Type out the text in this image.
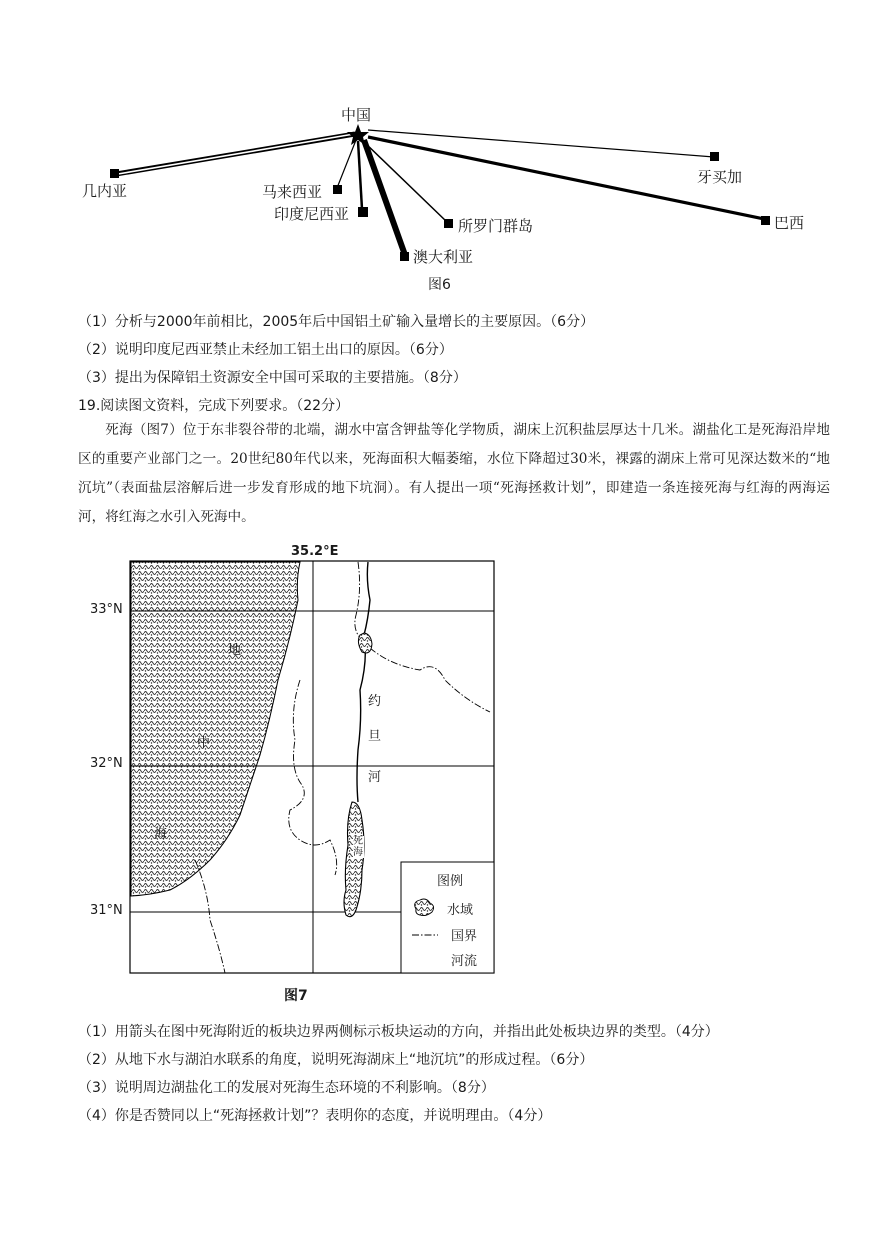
中国
几内亚	马来西亚
印度尼西亚
所罗门群岛
澳大利亚
牙买加
巴西
图6
（1）分析与2000年前相比，2005年后中国铝土矿输入量增长的主要原因。（6分）
（2）说明印度尼西亚禁止未经加工铝土出口的原因。（6分）
（3）提出为保障铝土资源安全中国可采取的主要措施。（8分）
19.阅读图文资料，完成下列要求。（22分）
死海（图7）位于东非裂谷带的北端，湖水中富含钾盐等化学物质，湖床上沉积盐层厚达十几米。湖盐化工是死海沿岸地区的重要产业部门之一。20世纪80年代以来，死海面积大幅萎缩，水位下降超过30米，裸露的湖床上常可见深达数米的“地沉坑”（表面盐层溶解后进一步发育形成的地下坑洞）。有人提出一项“死海拯救计划”，即建造一条连接死海与红海的两海运河，将红海之水引入死海中。
35.2°E
33°N
32°N
31°N
地
中
海
约
旦
河
死海
图例
水域
国界
河流
图7
（1）用箭头在图中死海附近的板块边界两侧标示板块运动的方向，并指出此处板块边界的类型。（4分）
（2）从地下水与湖泊水联系的角度，说明死海湖床上“地沉坑”的形成过程。（6分）
（3）说明周边湖盐化工的发展对死海生态环境的不利影响。（8分）
（4）你是否赞同以上“死海拯救计划”？表明你的态度，并说明理由。（4分）
